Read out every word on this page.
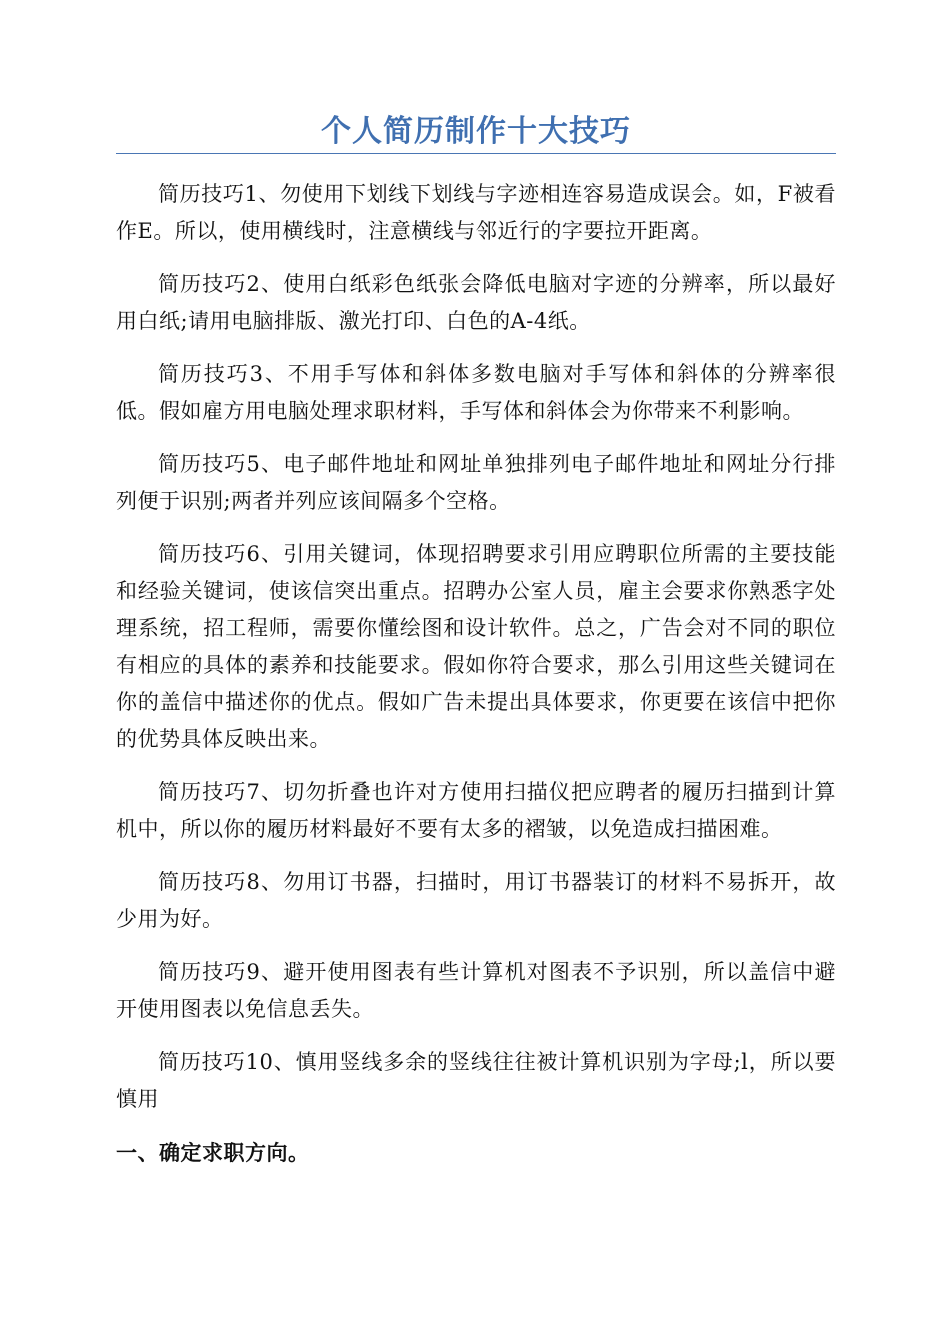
个人简历制作十大技巧

简历技巧1、勿使用下划线下划线与字迹相连容易造成误会。如，F被看作E。所以，使用横线时，注意横线与邻近行的字要拉开距离。

简历技巧2、使用白纸彩色纸张会降低电脑对字迹的分辨率，所以最好用白纸;请用电脑排版、激光打印、白色的A-4纸。

简历技巧3、不用手写体和斜体多数电脑对手写体和斜体的分辨率很低。假如雇方用电脑处理求职材料，手写体和斜体会为你带来不利影响。

简历技巧5、电子邮件地址和网址单独排列电子邮件地址和网址分行排列便于识别;两者并列应该间隔多个空格。

简历技巧6、引用关键词，体现招聘要求引用应聘职位所需的主要技能和经验关键词，使该信突出重点。招聘办公室人员，雇主会要求你熟悉字处理系统，招工程师，需要你懂绘图和设计软件。总之，广告会对不同的职位有相应的具体的素养和技能要求。假如你符合要求，那么引用这些关键词在你的盖信中描述你的优点。假如广告未提出具体要求，你更要在该信中把你的优势具体反映出来。

简历技巧7、切勿折叠也许对方使用扫描仪把应聘者的履历扫描到计算机中，所以你的履历材料最好不要有太多的褶皱，以免造成扫描困难。

简历技巧8、勿用订书器，扫描时，用订书器装订的材料不易拆开，故少用为好。

简历技巧9、避开使用图表有些计算机对图表不予识别，所以盖信中避开使用图表以免信息丢失。

简历技巧10、慎用竖线多余的竖线往往被计算机识别为字母;l，所以要慎用

一、确定求职方向。
